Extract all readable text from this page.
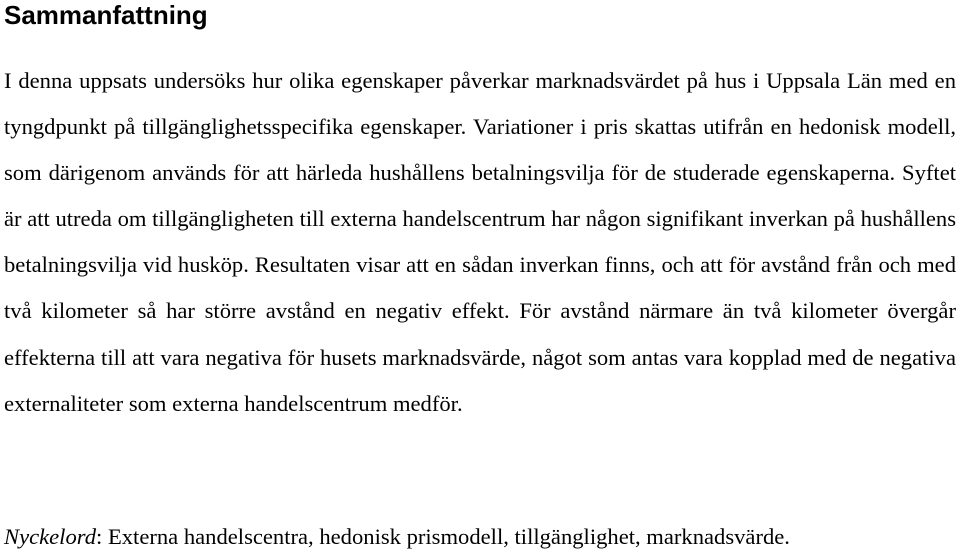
Sammanfattning

I denna uppsats undersöks hur olika egenskaper påverkar marknadsvärdet på hus i Uppsala Län med en tyngdpunkt på tillgänglighetsspecifika egenskaper. Variationer i pris skattas utifrån en hedonisk modell, som därigenom används för att härleda hushållens betalningsvilja för de studerade egenskaperna. Syftet är att utreda om tillgängligheten till externa handelscentrum har någon signifikant inverkan på hushållens betalningsvilja vid husköp. Resultaten visar att en sådan inverkan finns, och att för avstånd från och med två kilometer så har större avstånd en negativ effekt. För avstånd närmare än två kilometer övergår effekterna till att vara negativa för husets marknadsvärde, något som antas vara kopplad med de negativa externaliteter som externa handelscentrum medför.

Nyckelord: Externa handelscentra, hedonisk prismodell, tillgänglighet, marknadsvärde.
